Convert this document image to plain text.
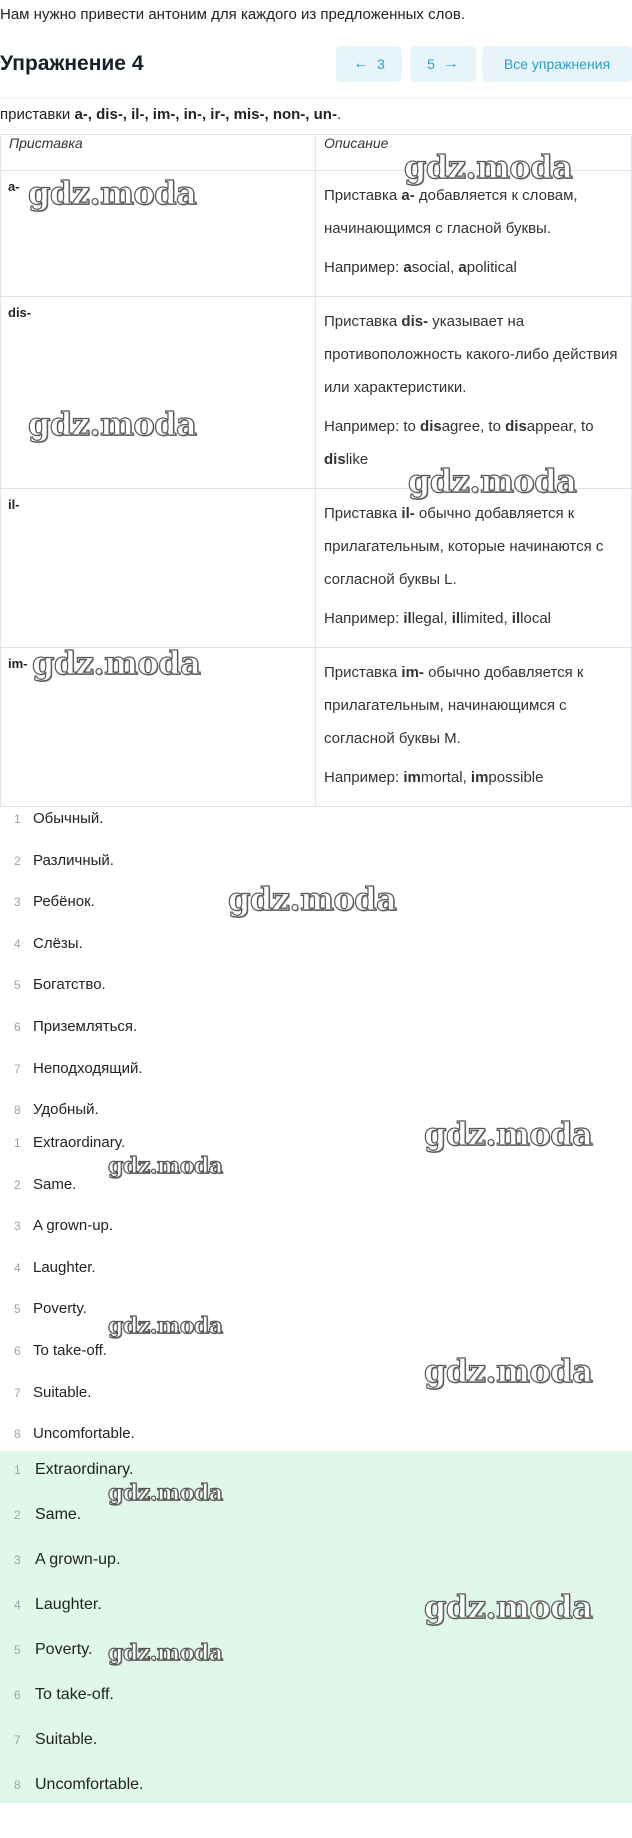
Нам нужно привести антоним для каждого из предложенных слов.
Упражнение 4	← 3	5 →	Все упражнения
приставки a-, dis-, il-, im-, in-, ir-, mis-, non-, un-.
Приставка	Описание
a-	Приставка a- добавляется к словам, начинающимся с гласной буквы.

Например: asocial, apolitical

dis-	Приставка dis- указывает на противоположность какого-либо действия или характеристики.

Например: to disagree, to disappear, to dislike

il-	Приставка il- обычно добавляется к прилагательным, которые начинаются с согласной буквы L.

Например: illegal, illimited, illocal

im-	Приставка im- обычно добавляется к прилагательным, начинающимся с согласной буквы M.

Например: immortal, impossible

1 Обычный.
2 Различный.
3 Ребёнок.
4 Слёзы.
5 Богатство.
6 Приземляться.
7 Неподходящий.
8 Удобный.
1 Extraordinary.
2 Same.
3 A grown-up.
4 Laughter.
5 Poverty.
6 To take-off.
7 Suitable.
8 Uncomfortable.
1 Extraordinary.
2 Same.
3 A grown-up.
4 Laughter.
5 Poverty.
6 To take-off.
7 Suitable.
8 Uncomfortable.
gdz.moda
gdz.moda
gdz.moda
gdz.moda
gdz.moda
gdz.moda
gdz.moda
gdz.moda
gdz.moda
gdz.moda
gdz.moda
gdz.moda
gdz.moda
